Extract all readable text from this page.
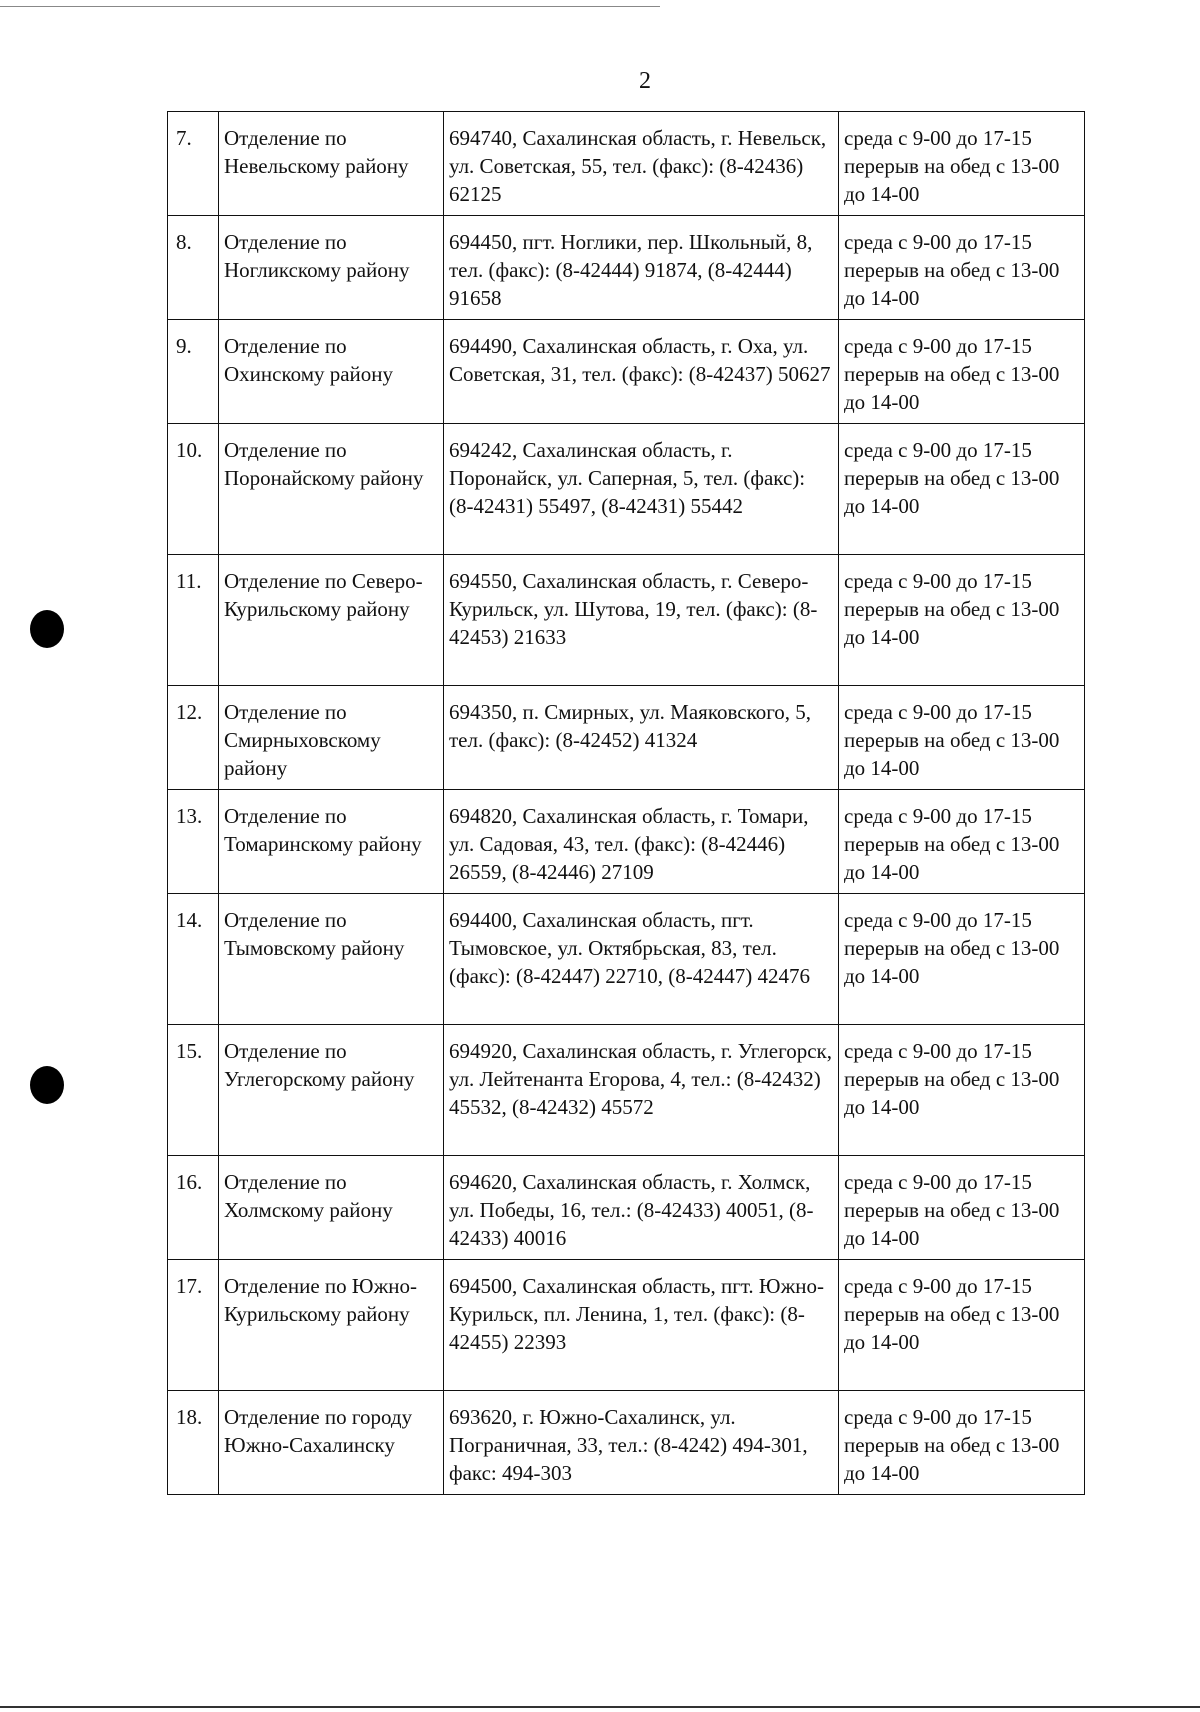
2
7.	Отделение по Невельскому району	694740, Сахалинская область, г. Невельск, ул. Советская, 55, тел. (факс): (8-42436) 62125	среда с 9-00 до 17-15 перерыв на обед с 13-00 до 14-00
8.	Отделение по Ногликскому району	694450, пгт. Ноглики, пер. Школьный, 8, тел. (факс): (8-42444) 91874, (8-42444) 91658	среда с 9-00 до 17-15 перерыв на обед с 13-00 до 14-00
9.	Отделение по Охинскому району	694490, Сахалинская область, г. Оха, ул. Советская, 31, тел. (факс): (8-42437) 50627	среда с 9-00 до 17-15 перерыв на обед с 13-00 до 14-00
10.	Отделение по Поронайскому району	694242, Сахалинская область, г. Поронайск, ул. Саперная, 5, тел. (факс): (8-42431) 55497, (8-42431) 55442	среда с 9-00 до 17-15 перерыв на обед с 13-00 до 14-00
11.	Отделение по Северо-Курильскому району	694550, Сахалинская область, г. Северо-Курильск, ул. Шутова, 19, тел. (факс): (8-42453) 21633	среда с 9-00 до 17-15 перерыв на обед с 13-00 до 14-00
12.	Отделение по Смирныховскому району	694350, п. Смирных, ул. Маяковского, 5, тел. (факс): (8-42452) 41324	среда с 9-00 до 17-15 перерыв на обед с 13-00 до 14-00
13.	Отделение по Томаринскому району	694820, Сахалинская область, г. Томари, ул. Садовая, 43, тел. (факс): (8-42446) 26559, (8-42446) 27109	среда с 9-00 до 17-15 перерыв на обед с 13-00 до 14-00
14.	Отделение по Тымовскому району	694400, Сахалинская область, пгт. Тымовское, ул. Октябрьская, 83, тел. (факс): (8-42447) 22710, (8-42447) 42476	среда с 9-00 до 17-15 перерыв на обед с 13-00 до 14-00
15.	Отделение по Углегорскому району	694920, Сахалинская область, г. Углегорск, ул. Лейтенанта Егорова, 4, тел.: (8-42432) 45532, (8-42432) 45572	среда с 9-00 до 17-15 перерыв на обед с 13-00 до 14-00
16.	Отделение по Холмскому району	694620, Сахалинская область, г. Холмск, ул. Победы, 16, тел.: (8-42433) 40051, (8-42433) 40016	среда с 9-00 до 17-15 перерыв на обед с 13-00 до 14-00
17.	Отделение по Южно-Курильскому району	694500, Сахалинская область, пгт. Южно-Курильск, пл. Ленина, 1, тел. (факс): (8-42455) 22393	среда с 9-00 до 17-15 перерыв на обед с 13-00 до 14-00
18.	Отделение по городу Южно-Сахалинску	693620, г. Южно-Сахалинск, ул. Пограничная, 33, тел.: (8-4242) 494-301, факс: 494-303	среда с 9-00 до 17-15 перерыв на обед с 13-00 до 14-00
